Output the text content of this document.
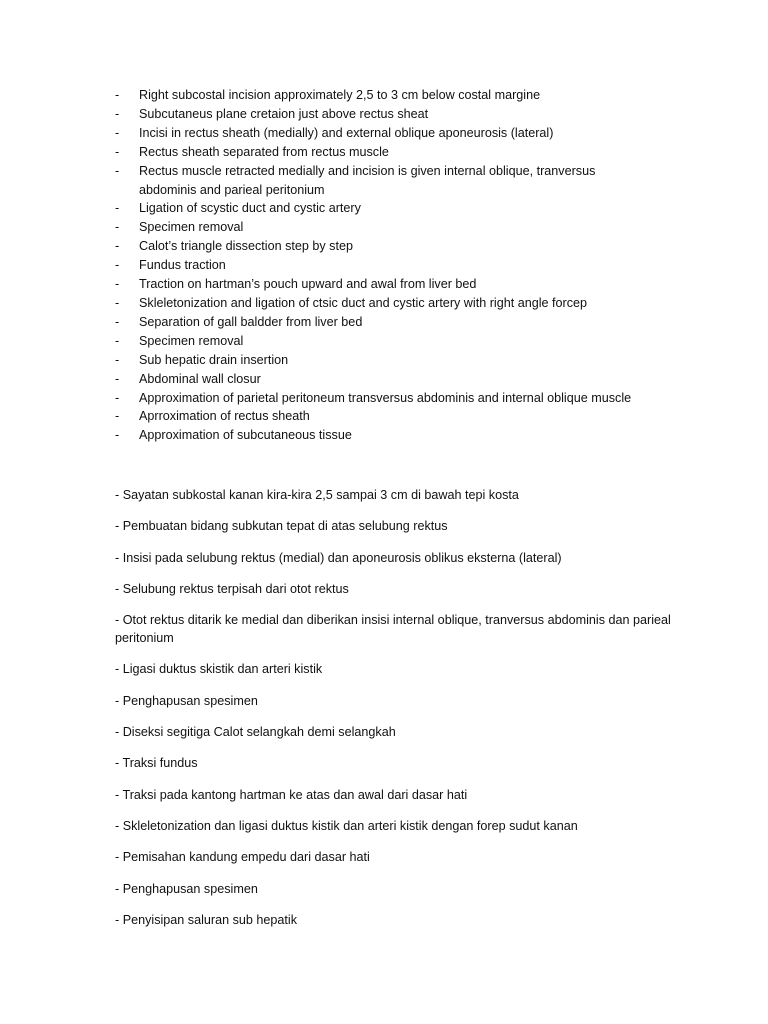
- Right subcostal incision approximately 2,5 to 3 cm below costal margine
- Subcutaneus plane cretaion just above rectus sheat
- Incisi in rectus sheath (medially) and external oblique aponeurosis (lateral)
- Rectus sheath separated from rectus muscle
- Rectus muscle retracted medially and incision is given internal oblique, tranversus abdominis and parieal peritonium
- Ligation of scystic duct and cystic artery
- Specimen removal
- Calot’s triangle dissection step by step
- Fundus traction
- Traction on hartman’s pouch upward and awal from liver bed
- Skleletonization and ligation of ctsic duct and cystic artery with right angle forcep
- Separation of gall baldder from liver bed
- Specimen removal
- Sub hepatic drain insertion
- Abdominal wall closur
- Approximation of parietal peritoneum transversus abdominis and internal oblique muscle
- Aprroximation of rectus sheath
- Approximation of subcutaneous tissue

- Sayatan subkostal kanan kira-kira 2,5 sampai 3 cm di bawah tepi kosta

- Pembuatan bidang subkutan tepat di atas selubung rektus

- Insisi pada selubung rektus (medial) dan aponeurosis oblikus eksterna (lateral)

- Selubung rektus terpisah dari otot rektus

- Otot rektus ditarik ke medial dan diberikan insisi internal oblique, tranversus abdominis dan parieal peritonium

- Ligasi duktus skistik dan arteri kistik

- Penghapusan spesimen

- Diseksi segitiga Calot selangkah demi selangkah

- Traksi fundus

- Traksi pada kantong hartman ke atas dan awal dari dasar hati

- Skleletonization dan ligasi duktus kistik dan arteri kistik dengan forep sudut kanan

- Pemisahan kandung empedu dari dasar hati

- Penghapusan spesimen

- Penyisipan saluran sub hepatik
